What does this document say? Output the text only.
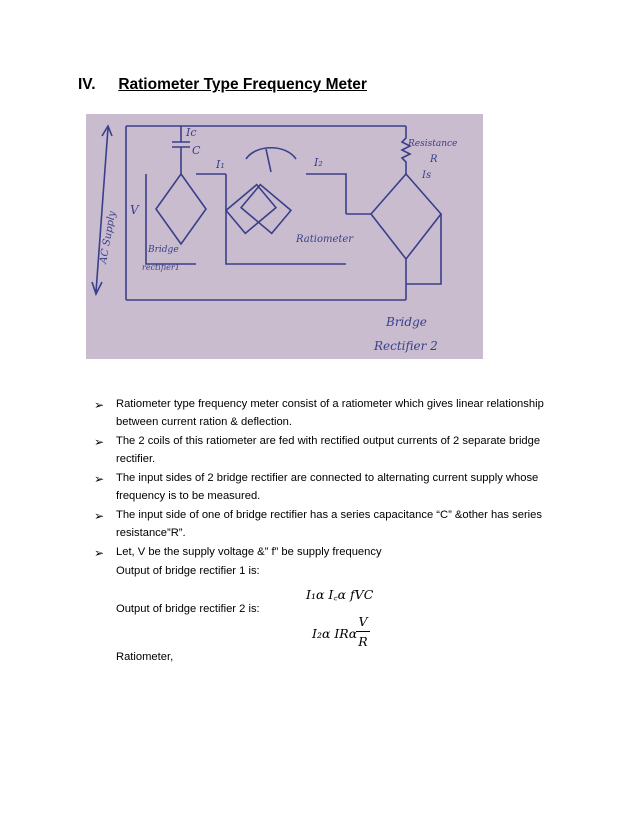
IV. Ratiometer Type Frequency Meter
Ic
C
I₁	I₂
Resistance
R
Is
V
AC Supply	Bridge
rectifier1
Ratiometer
Bridge
Rectifier 2
➢ Ratiometer type frequency meter consist of a ratiometer which gives linear relationship between current ration & deflection.
➢ The 2 coils of this ratiometer are fed with rectified output currents of 2 separate bridge rectifier.
➢ The input sides of 2 bridge rectifier are connected to alternating current supply whose frequency is to be measured.
➢ The input side of one of bridge rectifier has a series capacitance “C” &other has series resistance”R”.
➢ Let, V be the supply voltage &” f” be supply frequency
Output of bridge rectifier 1 is:
Output of bridge rectifier 2 is:
Ratiometer,
I₁α I꜀α fVC
I₂α IRα
V
R
